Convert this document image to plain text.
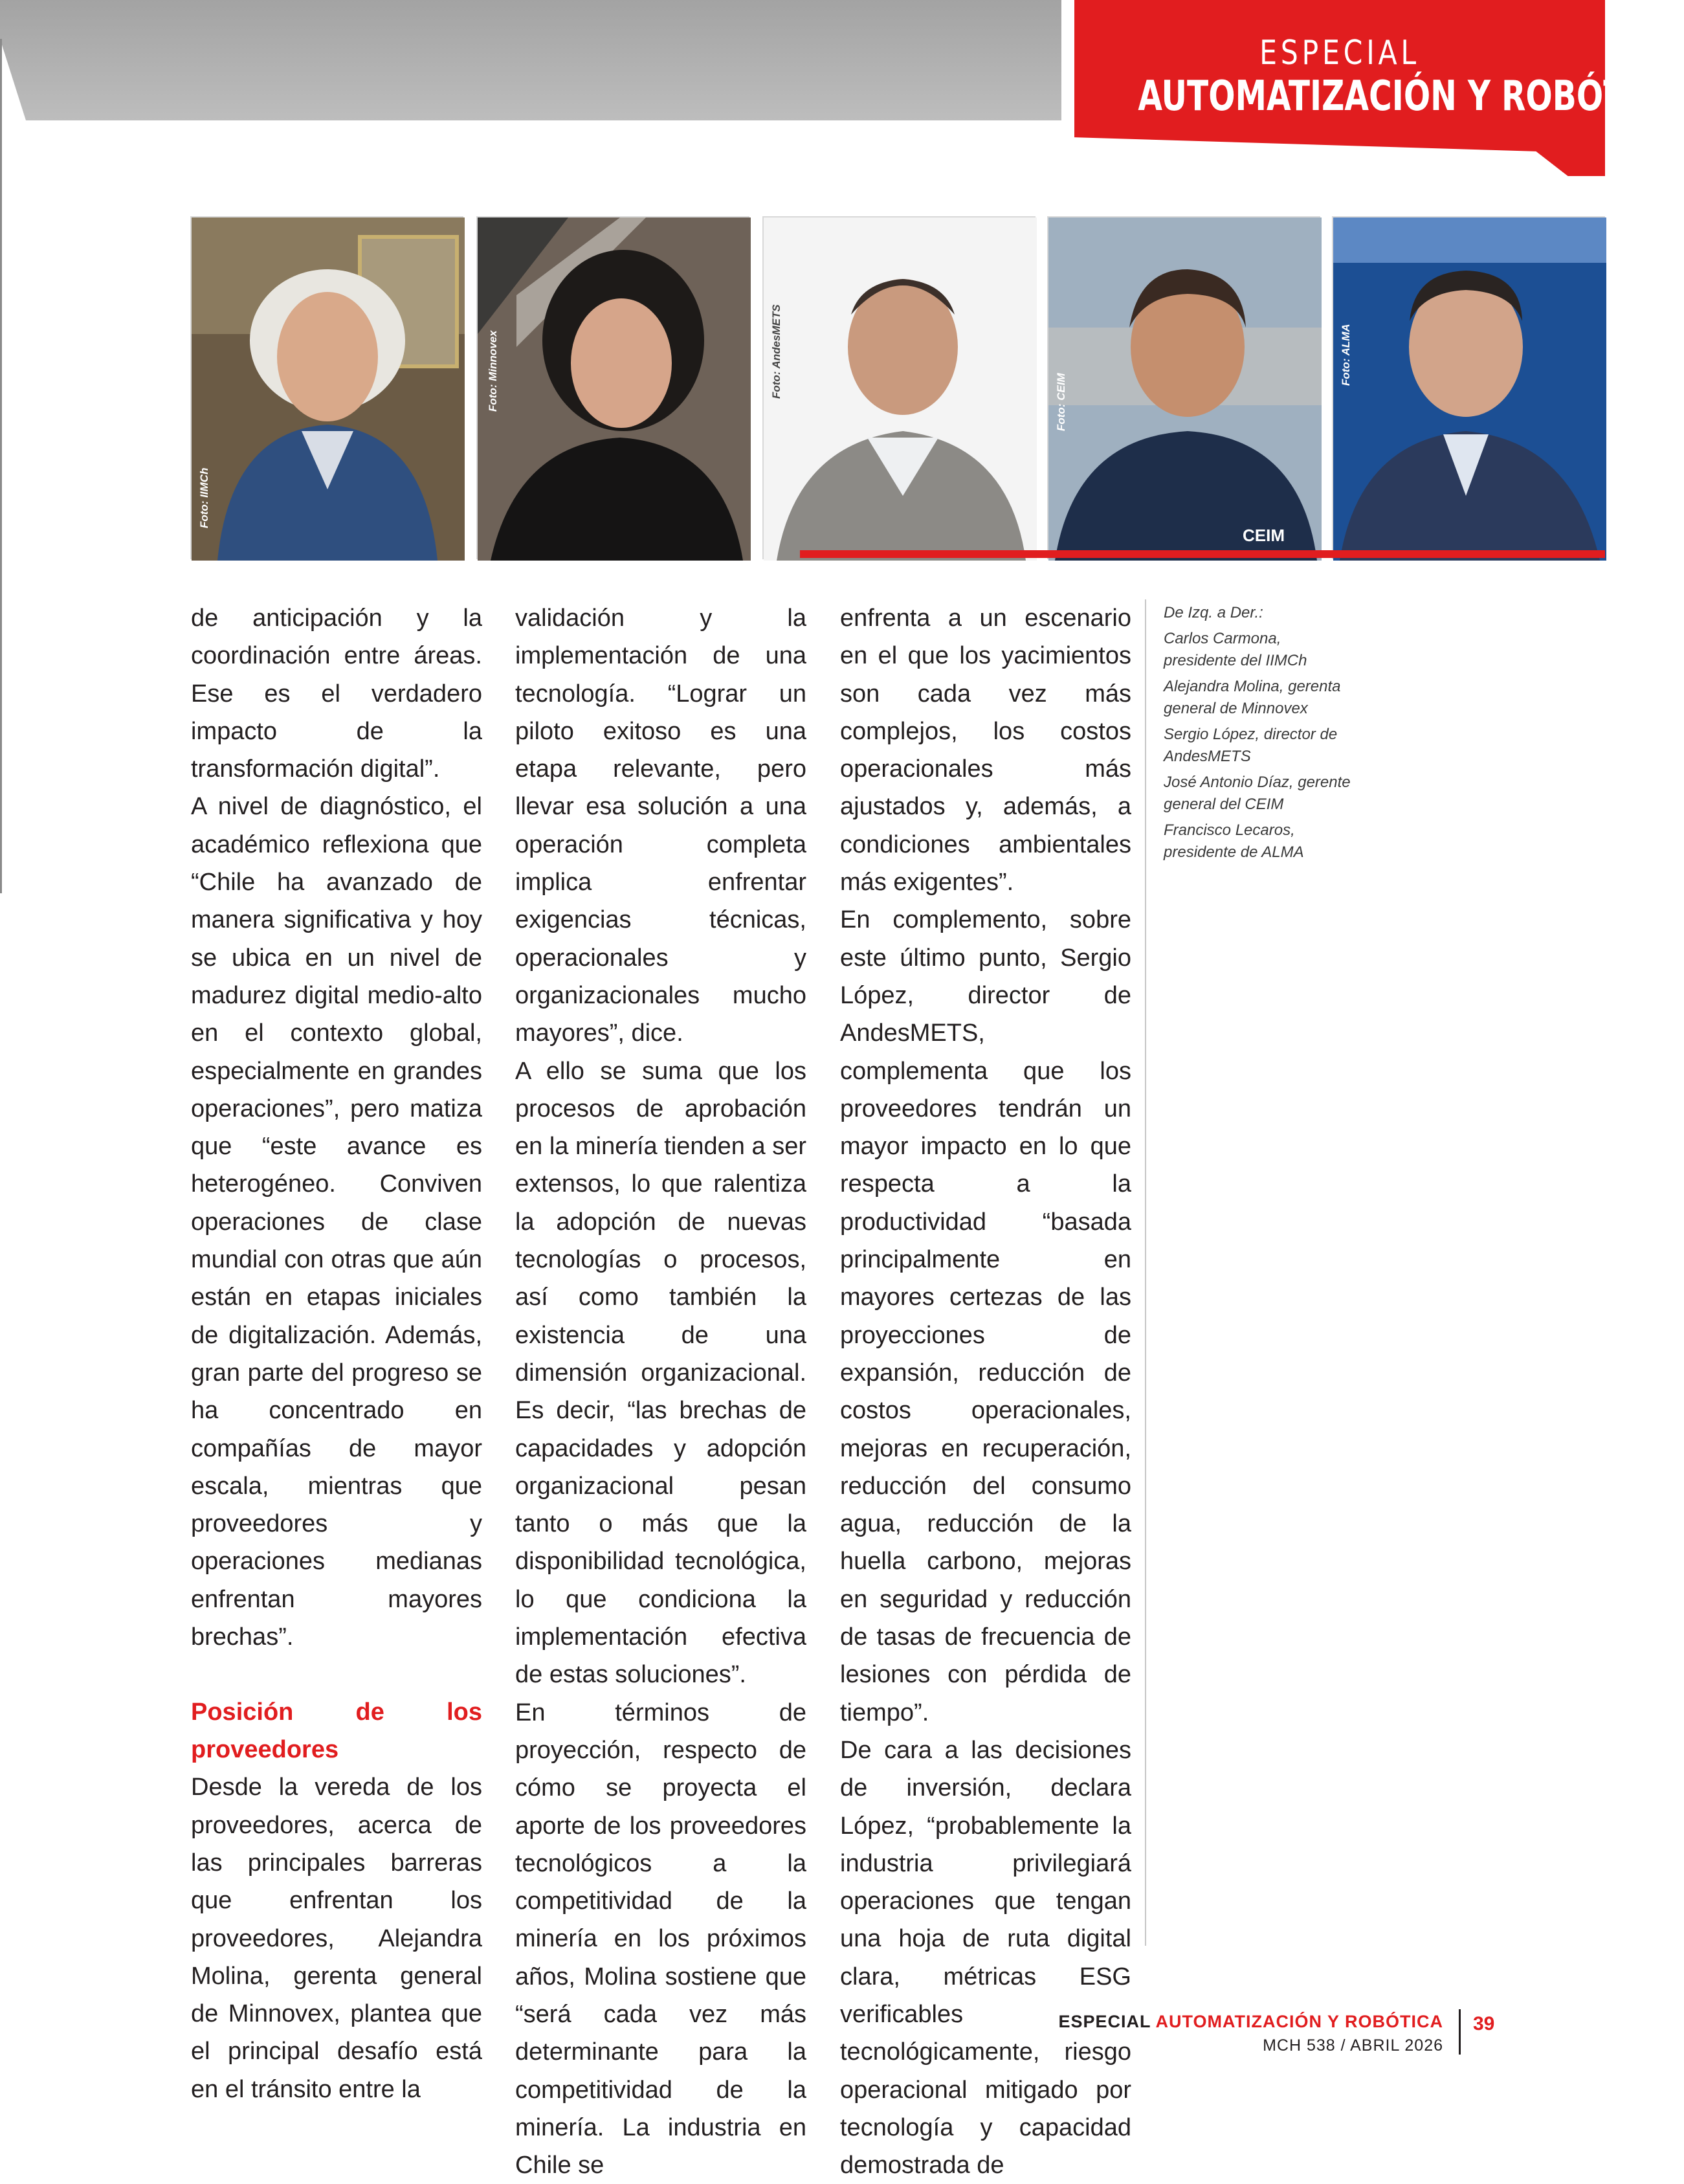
ESPECIAL
AUTOMATIZACIÓN Y ROBÓTICA
Foto: IIMCh
Foto: Minnovex	Foto: AndesMETS
CEIM
Foto: CEIM
Foto: ALMA

de anticipación y la coordinación entre áreas. Ese es el verdadero impacto de la transformación digital”.

A nivel de diagnóstico, el académico reflexiona que “Chile ha avanzado de manera significativa y hoy se ubica en un nivel de madurez digital medio-alto en el contexto global, especialmente en grandes operaciones”, pero matiza que “este avance es heterogéneo. Conviven operaciones de clase mundial con otras que aún están en etapas iniciales de digitalización. Además, gran parte del progreso se ha concentrado en compañías de mayor escala, mientras que proveedores y operaciones medianas enfrentan mayores brechas”.

Posición de los proveedores

Desde la vereda de los proveedores, acerca de las principales barreras que enfrentan los proveedores, Alejandra Molina, gerenta general de Minnovex, plantea que el principal desafío está en el tránsito entre la

validación y la implementación de una tecnología. “Lograr un piloto exitoso es una etapa relevante, pero llevar esa solución a una operación completa implica enfrentar exigencias técnicas, operacionales y organizacionales mucho mayores”, dice.

A ello se suma que los procesos de aprobación en la minería tienden a ser extensos, lo que ralentiza la adopción de nuevas tecnologías o procesos, así como también la existencia de una dimensión organizacional. Es decir, “las brechas de capacidades y adopción organizacional pesan tanto o más que la disponibilidad tecnológica, lo que condiciona la implementación efectiva de estas soluciones”.

En términos de proyección, respecto de cómo se proyecta el aporte de los proveedores tecnológicos a la competitividad de la minería en los próximos años, Molina sostiene que “será cada vez más determinante para la competitividad de la minería. La industria en Chile se

enfrenta a un escenario en el que los yacimientos son cada vez más complejos, los costos operacionales más ajustados y, además, a condiciones ambientales más exigentes”.

En complemento, sobre este último punto, Sergio López, director de AndesMETS, complementa que los proveedores tendrán un mayor impacto en lo que respecta a la productividad “basada principalmente en mayores certezas de las proyecciones de expansión, reducción de costos operacionales, mejoras en recuperación, reducción del consumo agua, reducción de la huella carbono, mejoras en seguridad y reducción de tasas de frecuencia de lesiones con pérdida de tiempo”.

De cara a las decisiones de inversión, declara López, “probablemente la industria privilegiará operaciones que tengan una hoja de ruta digital clara, métricas ESG verificables tecnológicamente, riesgo operacional mitigado por tecnología y capacidad demostrada de

De Izq. a Der.:
Carlos Carmona, presidente del IIMCh
Alejandra Molina, gerenta general de Minnovex
Sergio López, director de AndesMETS
José Antonio Díaz, gerente general del CEIM
Francisco Lecaros, presidente de ALMA
ESPECIAL AUTOMATIZACIÓN Y ROBÓTICA
MCH 538 / ABRIL 2026
39
